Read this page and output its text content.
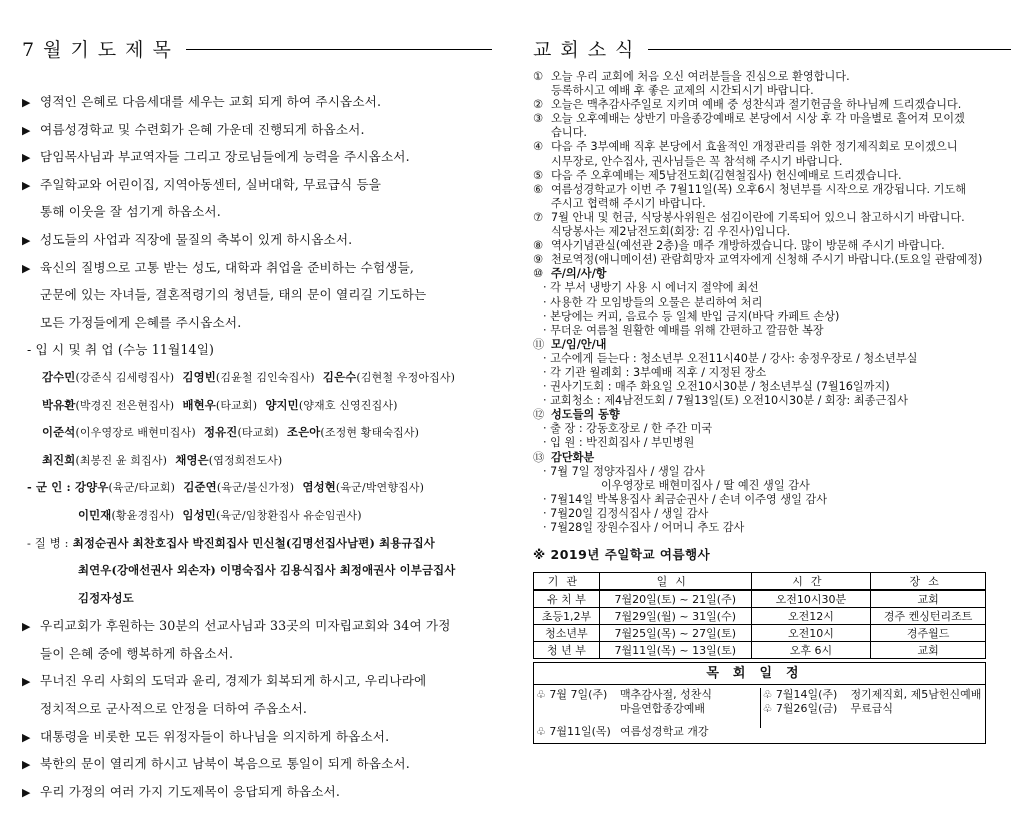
7월기도제목
▶ 영적인 은혜로 다음세대를 세우는 교회 되게 하여 주시옵소서.
▶ 여름성경학교 및 수련회가 은혜 가운데 진행되게 하옵소서.
▶ 담임목사님과 부교역자들 그리고 장로님들에게 능력을 주시옵소서.
▶ 주일학교와 어린이집, 지역아동센터, 실버대학, 무료급식 등을
통해 이웃을 잘 섬기게 하옵소서.
▶ 성도들의 사업과 직장에 물질의 축복이 있게 하시옵소서.
▶ 육신의 질병으로 고통 받는 성도, 대학과 취업을 준비하는 수험생들,
군문에 있는 자녀들, 결혼적령기의 청년들, 태의 문이 열리길 기도하는
모든 가정들에게 은혜를 주시옵소서.
- 입 시 및 취 업 (수능 11월14일)
감수민(강준식 김세령집사) 김영빈(김윤철 김인숙집사) 김은수(김현철 우정아집사)
박유환(박경진 전은현집사) 배현우(타교회) 양지민(양재호 신영진집사)
이준석(이우영장로 배현미집사) 정유진(타교회) 조은아(조정현 황태숙집사)
최진희(최봉진 윤 희집사) 채영은(엽정희전도사)
- 군 인 : 강양우(육군/타교회) 김준연(육군/불신가정) 염성현(육군/박연향집사)
이민재(황윤경집사) 임성민(육군/임창환집사 유순임권사)
- 질 병 : 최정순권사 최찬호집사 박진희집사 민신철(김명선집사남편) 최용규집사
최연우(강애선권사 외손자) 이명숙집사 김용식집사 최정애권사 이부금집사
김정자성도
▶ 우리교회가 후원하는 30분의 선교사님과 33곳의 미자립교회와 34여 가정
들이 은혜 중에 행복하게 하옵소서.
▶ 무너진 우리 사회의 도덕과 윤리, 경제가 회복되게 하시고, 우리나라에
정치적으로 군사적으로 안정을 더하여 주옵소서.
▶ 대통령을 비롯한 모든 위정자들이 하나님을 의지하게 하옵소서.
▶ 북한의 문이 열리게 하시고 남북이 복음으로 통일이 되게 하옵소서.
▶ 우리 가정의 여러 가지 기도제목이 응답되게 하옵소서.
교회소식
① 오늘 우리 교회에 처음 오신 여러분들을 진심으로 환영합니다.
등록하시고 예배 후 좋은 교제의 시간되시기 바랍니다.
② 오늘은 맥추감사주일로 지키며 예배 중 성찬식과 절기헌금을 하나님께 드리겠습니다.
③ 오늘 오후예배는 상반기 마을종강예배로 본당에서 시상 후 각 마을별로 흩어져 모이겠
습니다.
④ 다음 주 3부예배 직후 본당에서 효율적인 개정관리를 위한 정기제직회로 모이겠으니
시무장로, 안수집사, 권사님들은 꼭 참석해 주시기 바랍니다.
⑤ 다음 주 오후예배는 제5남전도회(김현철집사) 헌신예배로 드리겠습니다.
⑥ 여름성경학교가 이번 주 7월11일(목) 오후6시 청년부를 시작으로 개강됩니다. 기도해
주시고 협력해 주시기 바랍니다.
⑦ 7월 안내 및 헌금, 식당봉사위원은 섬김이란에 기록되어 있으니 참고하시기 바랍니다.
식당봉사는 제2남전도회(회장: 김 우진사)입니다.
⑧ 역사기념관실(예선관 2층)을 매주 개방하겠습니다. 많이 방문해 주시기 바랍니다.
⑨ 천로역정(애니메이션) 관람희망자 교역자에게 신청해 주시기 바랍니다.(토요일 관람예정)
⑩ 주/의/사/항
· 각 부서 냉방기 사용 시 에너지 절약에 최선
· 사용한 각 모임방들의 오물은 분리하여 처리
· 본당에는 커피, 음료수 등 일체 반입 금지(바닥 카페트 손상)
· 무더운 여름철 원활한 예배를 위해 간편하고 깔끔한 복장
⑪ 모/임/안/내
· 고수에게 듣는다 : 청소년부 오전11시40분 / 강사: 송정우장로 / 청소년부실
· 각 기관 월례회 : 3부예배 직후 / 지정된 장소
· 권사기도회 : 매주 화요일 오전10시30분 / 청소년부실 (7월16일까지)
· 교회청소 : 제4남전도회 / 7월13일(토) 오전10시30분 / 회장: 최종근집사
⑫ 성도들의 동향
· 출 장 : 강동호장로 / 한 주간 미국
· 입 원 : 박진희집사 / 부민병원
⑬ 감단화분
· 7월 7일 정양자집사 / 생일 감사
이우영장로 배현미집사 / 딸 예진 생일 감사
· 7월14일 박복용집사 최금순권사 / 손녀 이주영 생일 감사
· 7월20일 김정식집사 / 생일 감사
· 7월28일 장원수집사 / 어머니 추도 감사
※ 2019년 주일학교 여름행사
기관	일시	시간	장소
유 치 부	7월20일(토) ~ 21일(주)	오전10시30분	교회
초등1,2부	7월29일(월) ~ 31일(수)	오전12시	경주 켄싱턴리조트
청소년부	7월25일(목) ~ 27일(토)	오전10시	경주월드
청 년 부	7월11일(목) ~ 13일(토)	오후 6시	교회
목회일정
♧ 7월 7일(주)	맥추감사절, 성찬식
마을연합종강예배
♧ 7월11일(목) 여름성경학교 개강
♧ 7월14일(주)	정기제직회, 제5남헌신예배
♧ 7월26일(금)	무료급식
